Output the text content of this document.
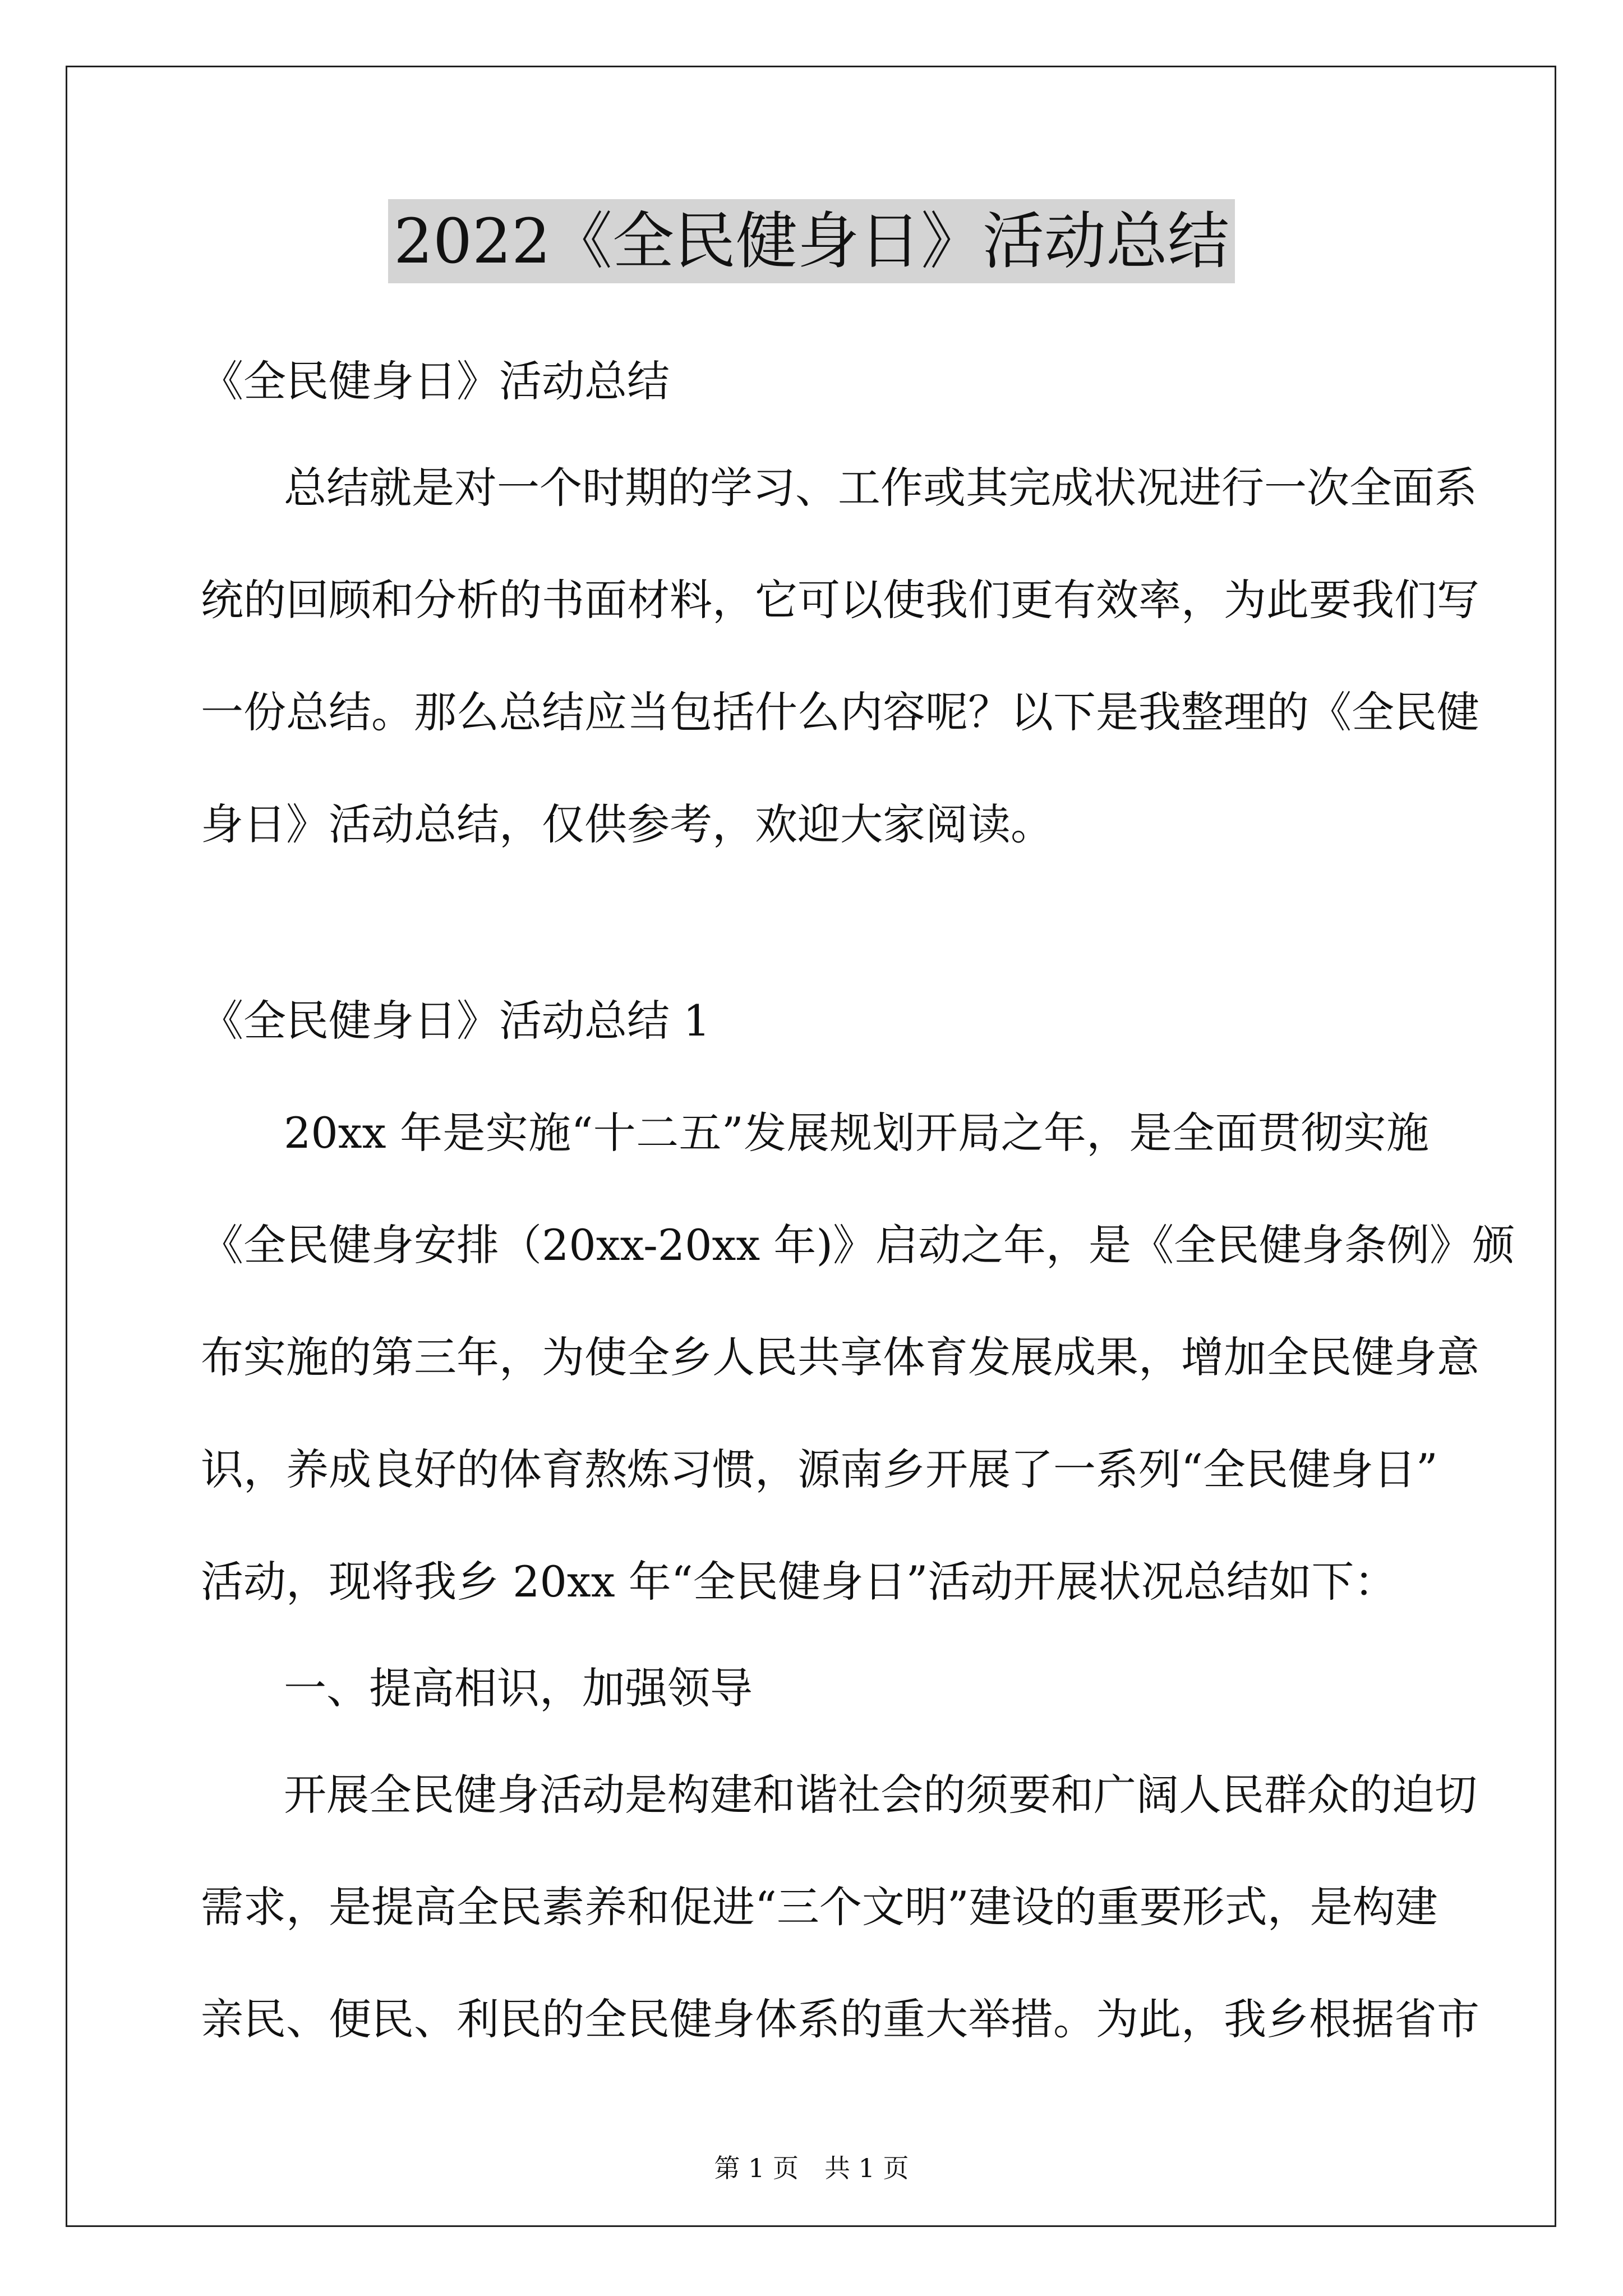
2022《全民健身日》活动总结
《全民健身日》活动总结
总结就是对一个时期的学习、工作或其完成状况进行一次全面系
统的回顾和分析的书面材料，它可以使我们更有效率，为此要我们写
一份总结。那么总结应当包括什么内容呢？以下是我整理的《全民健
身日》活动总结，仅供参考，欢迎大家阅读。
《全民健身日》活动总结 1
20xx 年是实施“十二五”发展规划开局之年，是全面贯彻实施
《全民健身安排（20xx-20xx 年)》启动之年，是《全民健身条例》颁
布实施的第三年，为使全乡人民共享体育发展成果，增加全民健身意
识，养成良好的体育熬炼习惯，源南乡开展了一系列“全民健身日”
活动，现将我乡 20xx 年“全民健身日”活动开展状况总结如下：
一、提高相识，加强领导
开展全民健身活动是构建和谐社会的须要和广阔人民群众的迫切
需求，是提高全民素养和促进“三个文明”建设的重要形式，是构建
亲民、便民、利民的全民健身体系的重大举措。为此，我乡根据省市
第 1 页　共 1 页
